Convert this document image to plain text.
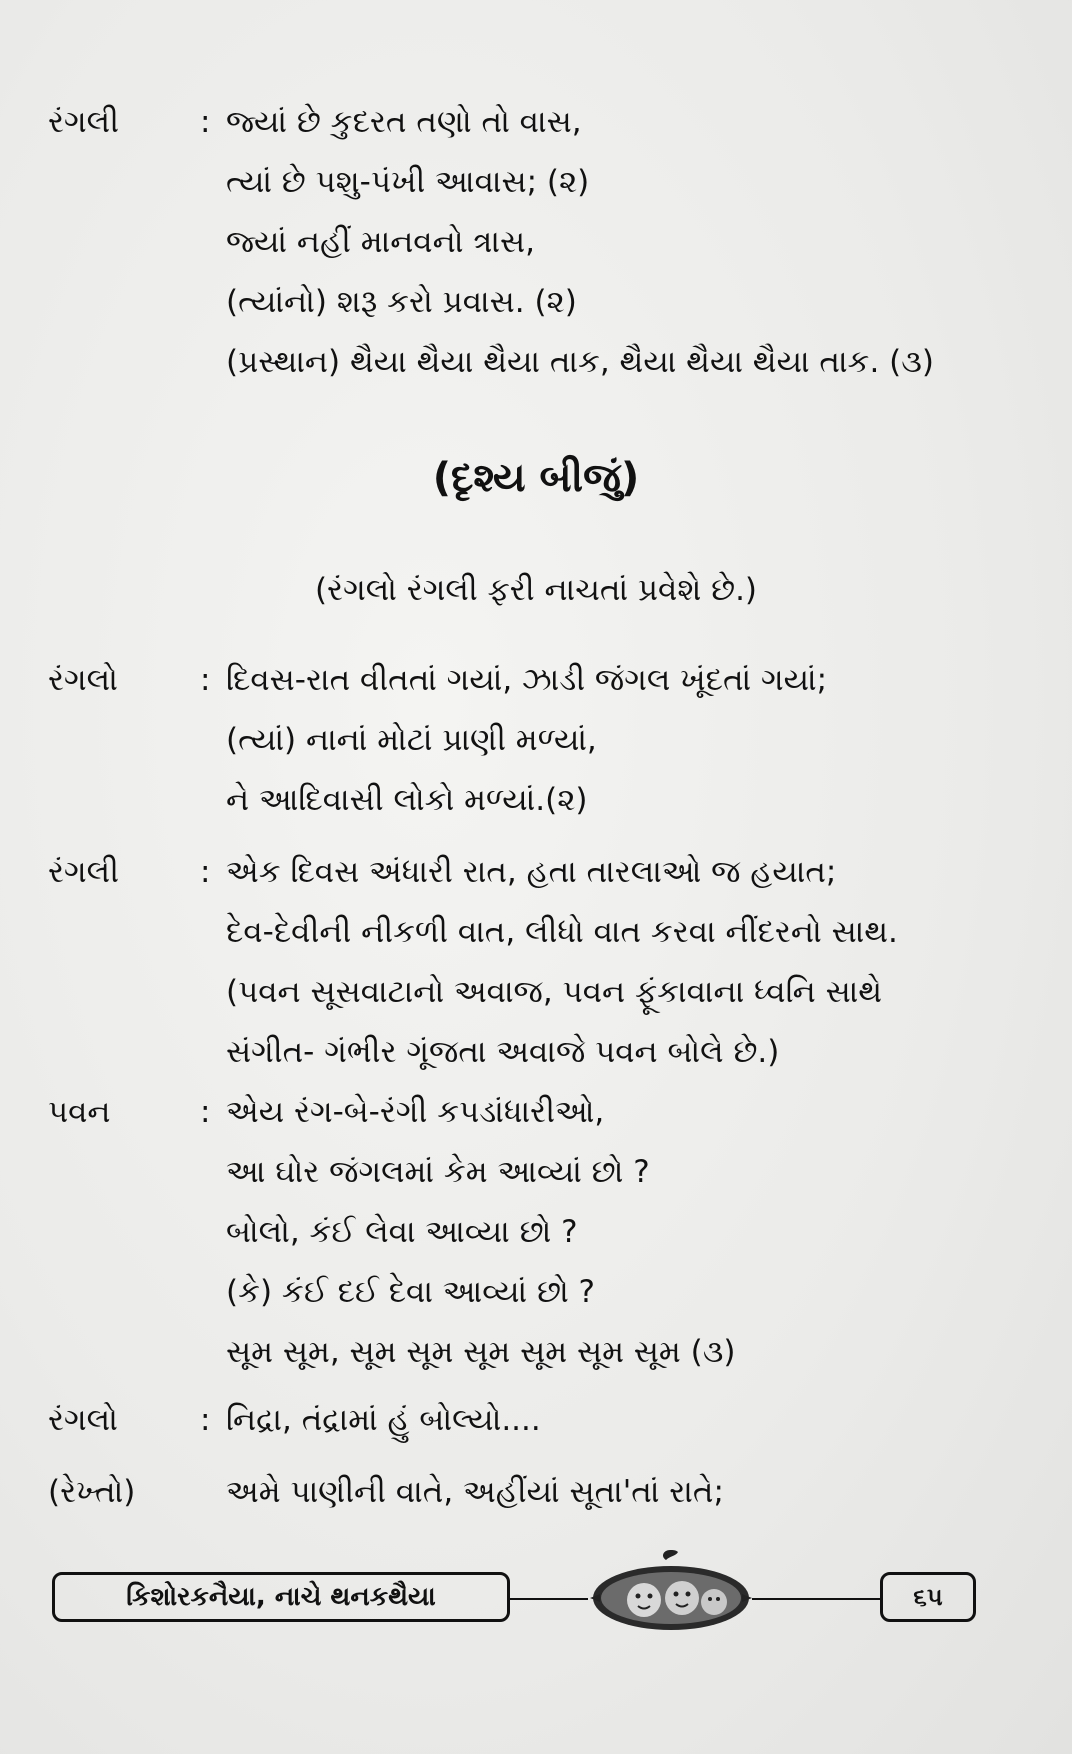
રંગલી	: જ્યાં છે કુદરત તણો તો વાસ,
ત્યાં છે પશુ-પંખી આવાસ; (૨)
જ્યાં નહીં માનવનો ત્રાસ,
(ત્યાંનો) શરૂ કરો પ્રવાસ. (૨)
(પ્રસ્થાન) થૈયા થૈયા થૈયા તાક, થૈયા થૈયા થૈયા તાક. (૩)
(દૃશ્ય બીજું)
(રંગલો રંગલી ફરી નાચતાં પ્રવેશે છે.)
રંગલો	: દિવસ-રાત વીતતાં ગયાં, ઝાડી જંગલ ખૂંદતાં ગયાં;
(ત્યાં) નાનાં મોટાં પ્રાણી મળ્યાં,
ને આદિવાસી લોકો મળ્યાં.(૨)
રંગલી	: એક દિવસ અંધારી રાત, હતા તારલાઓ જ હયાત;
દેવ-દેવીની નીકળી વાત, લીધો વાત કરવા નીંદરનો સાથ.
(પવન સૂસવાટાનો અવાજ, પવન ફૂંકાવાના ધ્વનિ સાથે
સંગીત- ગંભીર ગૂંજતા અવાજે પવન બોલે છે.)
પવન	: એય રંગ-બે-રંગી કપડાંધારીઓ,
આ ઘોર જંગલમાં કેમ આવ્યાં છો ?
બોલો, કંઈ લેવા આવ્યા છો ?
(કે) કંઈ દઈ દેવા આવ્યાં છો ?
સૂમ સૂમ, સૂમ સૂમ સૂમ સૂમ સૂમ સૂમ (૩)
રંગલો	: નિદ્રા, તંદ્રામાં હું બોલ્યો....
(રેખ્તો)	અમે પાણીની વાતે, અહીંયાં સૂતા'તાં રાતે;
કિશોરકનૈયા, નાચે થનકથૈયા	૬૫
